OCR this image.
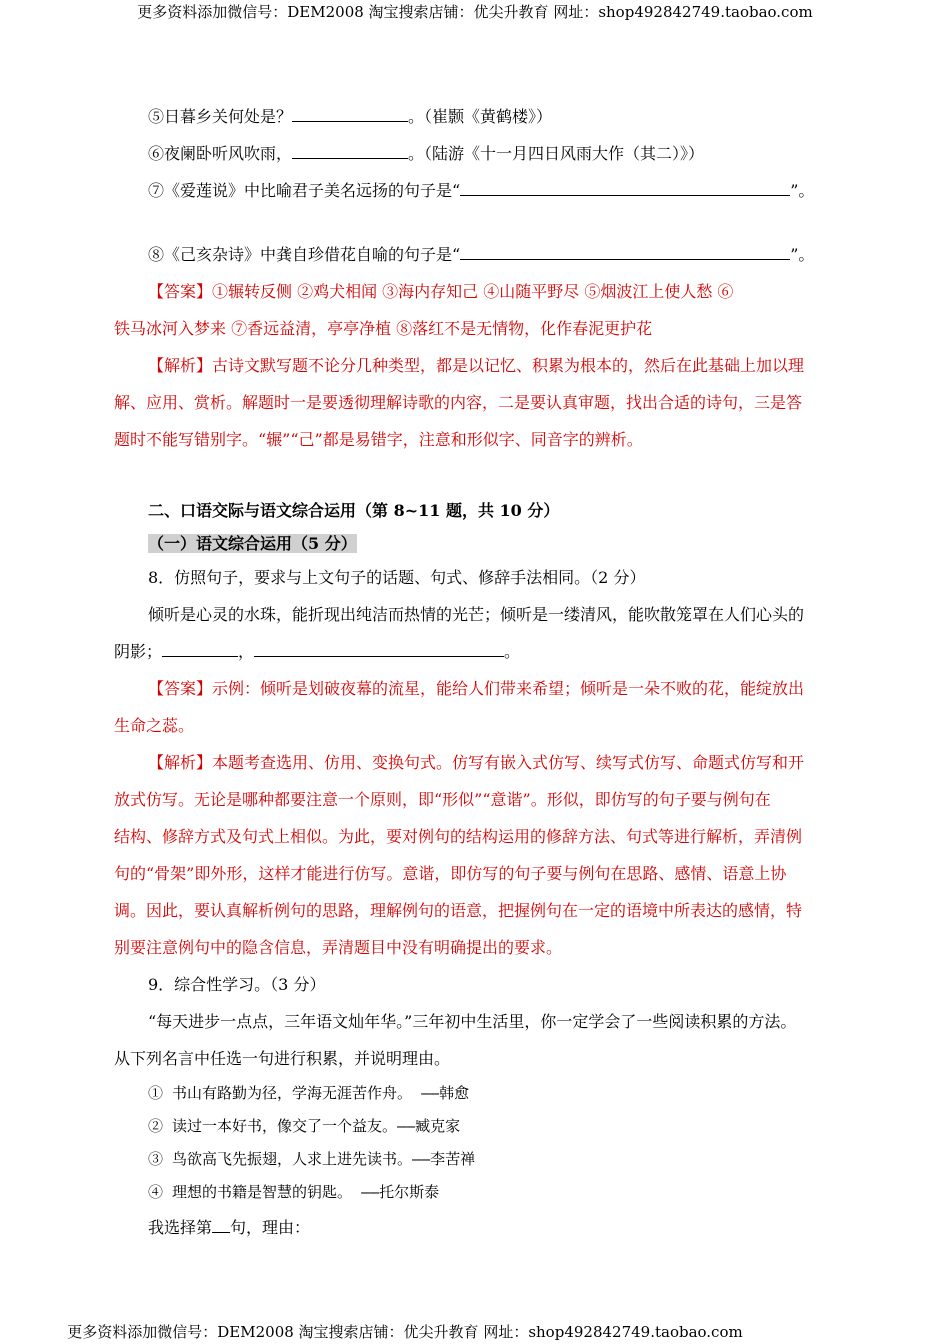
更多资料添加微信号：DEM2008 淘宝搜索店铺：优尖升教育 网址：shop492842749.taobao.com

⑤日暮乡关何处是？	。（崔颢《黄鹤楼》）

⑥夜阑卧听风吹雨，	。（陆游《十一月四日风雨大作（其二）》）

⑦《爱莲说》中比喻君子美名远扬的句子是“	”。

⑧《己亥杂诗》中龚自珍借花自喻的句子是“	”。

【答案】①辗转反侧 ②鸡犬相闻 ③海内存知己 ④山随平野尽 ⑤烟波江上使人愁 ⑥

铁马冰河入梦来 ⑦香远益清，亭亭净植 ⑧落红不是无情物，化作春泥更护花

【解析】古诗文默写题不论分几种类型，都是以记忆、积累为根本的，然后在此基础上加以理

解、应用、赏析。解题时一是要透彻理解诗歌的内容，二是要认真审题，找出合适的诗句，三是答

题时不能写错别字。“辗”“己”都是易错字，注意和形似字、同音字的辨析。

二、口语交际与语文综合运用（第 8~11 题，共 10 分）

（一）语文综合运用（5 分）

8．仿照句子，要求与上文句子的话题、句式、修辞手法相同。（2 分）

倾听是心灵的水珠，能折现出纯洁而热情的光芒；倾听是一缕清风，能吹散笼罩在人们心头的

阴影；	，	。

【答案】示例：倾听是划破夜幕的流星，能给人们带来希望；倾听是一朵不败的花，能绽放出

生命之蕊。

【解析】本题考查选用、仿用、变换句式。仿写有嵌入式仿写、续写式仿写、命题式仿写和开

放式仿写。无论是哪种都要注意一个原则，即“形似”“意谐”。形似，即仿写的句子要与例句在

结构、修辞方式及句式上相似。为此，要对例句的结构运用的修辞方法、句式等进行解析，弄清例

句的“骨架”即外形，这样才能进行仿写。意谐，即仿写的句子要与例句在思路、感情、语意上协

调。因此，要认真解析例句的思路，理解例句的语意，把握例句在一定的语境中所表达的感情，特

别要注意例句中的隐含信息，弄清题目中没有明确提出的要求。

9．综合性学习。（3 分）

“每天进步一点点，三年语文灿年华。”三年初中生活里，你一定学会了一些阅读积累的方法。

从下列名言中任选一句进行积累，并说明理由。

① 书山有路勤为径，学海无涯苦作舟。 ——韩愈

② 读过一本好书，像交了一个益友。——臧克家

③ 鸟欲高飞先振翅，人求上进先读书。——李苦禅

④ 理想的书籍是智慧的钥匙。 ——托尔斯泰

我选择第 句，理由：

更多资料添加微信号：DEM2008 淘宝搜索店铺：优尖升教育 网址：shop492842749.taobao.com
